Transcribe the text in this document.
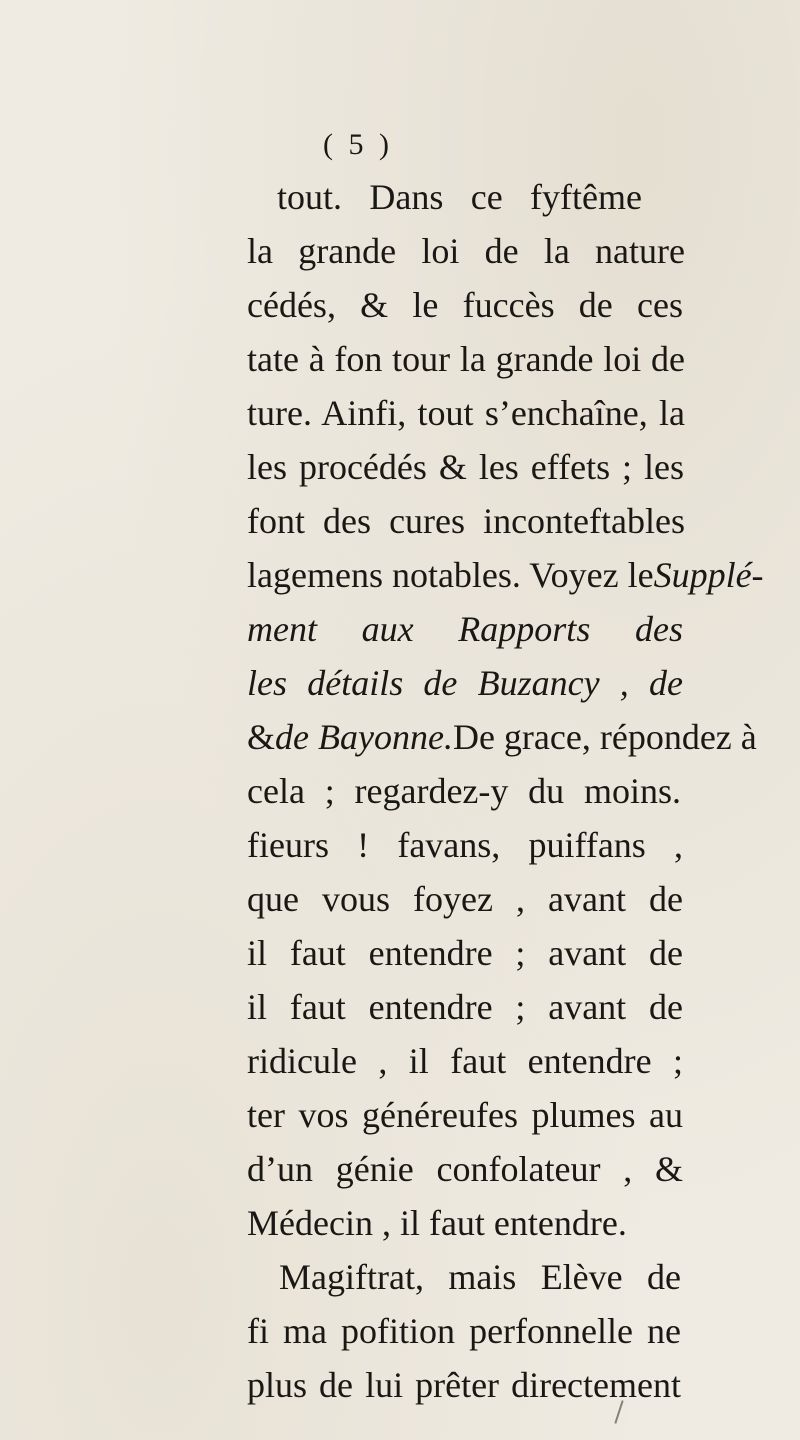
( 5 )
tout. Dans ce fyftême
la grande loi de la nature
cédés, & le fuccès de ces
tate à fon tour la grande loi de
ture. Ainfi, tout s’enchaîne, la
les procédés & les effets ; les
font des cures inconteftables
lagemens notables. Voyez leSupplé-
ment aux Rapports des
les détails de Buzancy , de
&de Bayonne.De grace, répondez à
cela ; regardez-y du moins.
fieurs ! favans, puiffans ,
que vous foyez , avant de
il faut entendre ; avant de
il faut entendre ; avant de
ridicule , il faut entendre ;
ter vos généreufes plumes au
d’un génie confolateur , &
Médecin , il faut entendre.
Magiftrat, mais Elève de
fi ma pofition perfonnelle ne
plus de lui prêter directement
